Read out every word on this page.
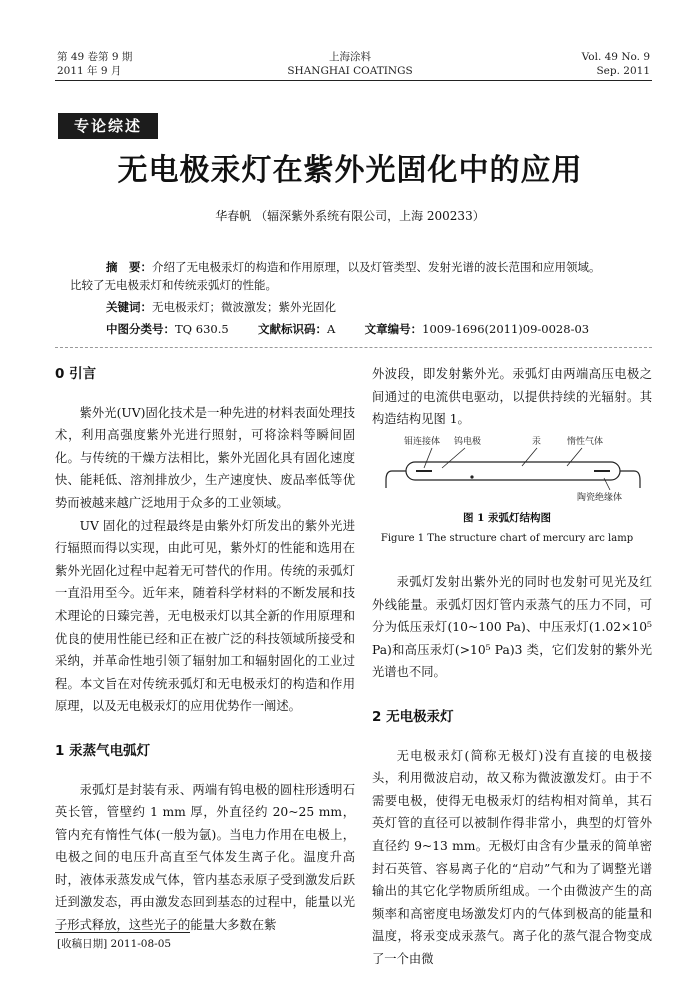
第 49 卷第 9 期
2011 年 9 月
上海涂料
SHANGHAI COATINGS
Vol. 49 No. 9
Sep. 2011
专论综述
无电极汞灯在紫外光固化中的应用
华春帆 （辐深紫外系统有限公司，上海 200233）
摘　要：介绍了无电极汞灯的构造和作用原理，以及灯管类型、发射光谱的波长范围和应用领域。
比较了无电极汞灯和传统汞弧灯的性能。
关键词：无电极汞灯；微波激发；紫外光固化
中图分类号：TQ 630.5	文献标识码：A	文章编号：1009-1696(2011)09-0028-03
0 引言

紫外光(UV)固化技术是一种先进的材料表面处理技术，利用高强度紫外光进行照射，可将涂料等瞬间固化。与传统的干燥方法相比，紫外光固化具有固化速度快、能耗低、溶剂排放少，生产速度快、废品率低等优势而被越来越广泛地用于众多的工业领域。

UV 固化的过程最终是由紫外灯所发出的紫外光进行辐照而得以实现，由此可见，紫外灯的性能和选用在紫外光固化过程中起着无可替代的作用。传统的汞弧灯一直沿用至今。近年来，随着科学材料的不断发展和技术理论的日臻完善，无电极汞灯以其全新的作用原理和优良的使用性能已经和正在被广泛的科技领域所接受和采纳，并革命性地引领了辐射加工和辐射固化的工业过程。本文旨在对传统汞弧灯和无电极汞灯的构造和作用原理，以及无电极汞灯的应用优势作一阐述。

1 汞蒸气电弧灯

汞弧灯是封装有汞、两端有钨电极的圆柱形透明石英长管，管壁约 1 mm 厚，外直径约 20~25 mm，管内充有惰性气体(一般为氩)。当电力作用在电极上，电极之间的电压升高直至气体发生离子化。温度升高时，液体汞蒸发成气体，管内基态汞原子受到激发后跃迁到激发态，再由激发态回到基态的过程中，能量以光子形式释放，这些光子的能量大多数在紫

外波段，即发射紫外光。汞弧灯由两端高压电极之间通过的电流供电驱动，以提供持续的光辐射。其构造结构见图 1。

钼连接体 钨电极	汞	惰性气体
陶瓷绝缘体
图 1 汞弧灯结构图
Figure 1 The structure chart of mercury arc lamp

汞弧灯发射出紫外光的同时也发射可见光及红外线能量。汞弧灯因灯管内汞蒸气的压力不同，可分为低压汞灯(10~100 Pa)、中压汞灯(1.02×10⁵ Pa)和高压汞灯(>10⁵ Pa)3 类，它们发射的紫外光光谱也不同。

2 无电极汞灯

无电极汞灯(简称无极灯)没有直接的电极接头，利用微波启动，故又称为微波激发灯。由于不需要电极，使得无电极汞灯的结构相对简单，其石英灯管的直径可以被制作得非常小，典型的灯管外直径约 9~13 mm。无极灯由含有少量汞的简单密封石英管、容易离子化的“启动”气和为了调整光谱输出的其它化学物质所组成。一个由微波产生的高频率和高密度电场激发灯内的气体到极高的能量和温度，将汞变成汞蒸气。离子化的蒸气混合物变成了一个由微

[收稿日期] 2011-08-05
